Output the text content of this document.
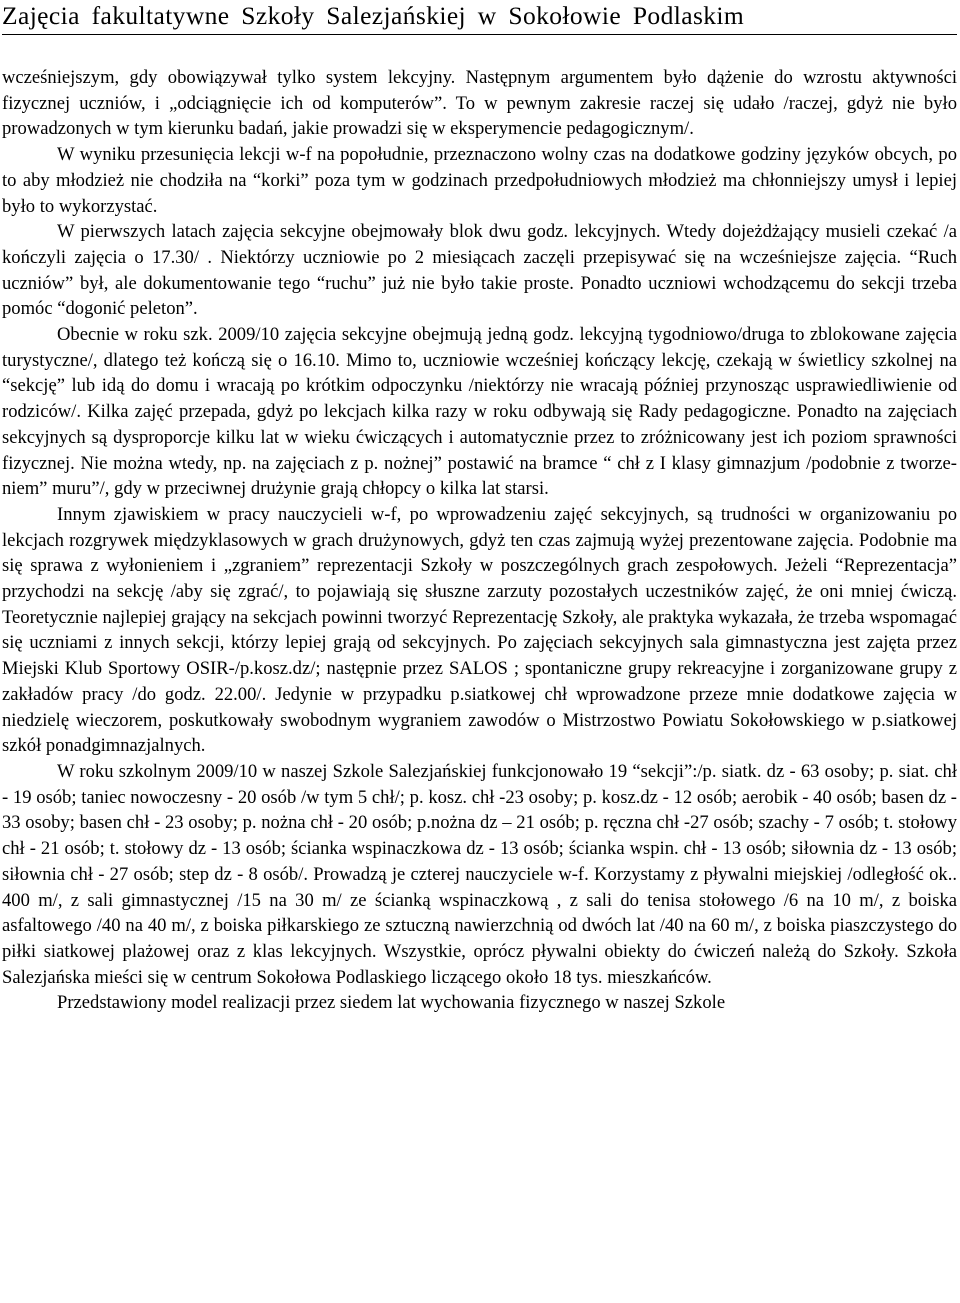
Zajęcia fakultatywne Szkoły Salezjańskiej w Sokołowie Podlaskim

wcześniejszym, gdy obowiązywał tylko system lekcyjny. Następnym argumentem było dążenie do wzrostu aktywności fizycznej uczniów, i „odciągnięcie ich od komputerów”. To w pewnym zakresie raczej się udało /raczej, gdyż nie było prowadzonych w tym kierunku badań, jakie prowadzi się w eksperymencie pedagogicznym/.

W wyniku przesunięcia lekcji w-f na popołudnie, przeznaczono wolny czas na dodatkowe godziny języków obcych, po to aby młodzież nie chodziła na “korki” poza tym w godzinach przedpołudniowych młodzież ma chłonniejszy umysł i lepiej było to wykorzystać.

W pierwszych latach zajęcia sekcyjne obejmowały blok dwu godz. lekcyjnych. Wtedy dojeżdżający musieli czekać /a kończyli zajęcia o 17.30/ . Niektórzy uczniowie po 2 miesiącach zaczęli przepisywać się na wcześniejsze zajęcia. “Ruch uczniów” był, ale dokumentowanie tego “ruchu” już nie było takie proste. Ponadto uczniowi wchodzącemu do sekcji trzeba pomóc “dogonić peleton”.

Obecnie w roku szk. 2009/10 zajęcia sekcyjne obejmują jedną godz. lekcyjną tygodniowo/druga to zblokowane zajęcia turystyczne/, dlatego też kończą się o 16.10. Mimo to, uczniowie wcześniej kończący lekcję, czekają w świetlicy szkolnej na “sekcję” lub idą do domu i wracają po krótkim odpoczynku /niektórzy nie wracają później przynosząc usprawiedliwienie od rodziców/. Kilka zajęć przepada, gdyż po lekcjach kilka razy w roku odbywają się Rady pedagogiczne. Ponadto na zajęciach sekcyjnych są dysproporcje kilku lat w wieku ćwiczących i automatycznie przez to zróżnicowany jest ich poziom sprawności fizycznej. Nie można wtedy, np. na zajęciach z p. nożnej” postawić na bramce “ chł z I klasy gimnazjum /podobnie z tworze-niem” muru”/, gdy w przeciwnej drużynie grają chłopcy o kilka lat starsi.

Innym zjawiskiem w pracy nauczycieli w-f, po wprowadzeniu zajęć sekcyjnych, są trudności w organizowaniu po lekcjach rozgrywek międzyklasowych w grach drużynowych, gdyż ten czas zajmują wyżej prezentowane zajęcia. Podobnie ma się sprawa z wyłonieniem i „zgraniem” reprezentacji Szkoły w poszczególnych grach zespołowych. Jeżeli “Reprezentacja” przychodzi na sekcję /aby się zgrać/, to pojawiają się słuszne zarzuty pozostałych uczestników zajęć, że oni mniej ćwiczą. Teoretycznie najlepiej grający na sekcjach powinni tworzyć Reprezentację Szkoły, ale praktyka wykazała, że trzeba wspomagać się uczniami z innych sekcji, którzy lepiej grają od sekcyjnych. Po zajęciach sekcyjnych sala gimnastyczna jest zajęta przez Miejski Klub Sportowy OSIR-/p.kosz.dz/; następnie przez SALOS ; spontaniczne grupy rekreacyjne i zorganizowane grupy z zakładów pracy /do godz. 22.00/. Jedynie w przypadku p.siatkowej chł wprowadzone przeze mnie dodatkowe zajęcia w niedzielę wieczorem, poskutkowały swobodnym wygraniem zawodów o Mistrzostwo Powiatu Sokołowskiego w p.siatkowej szkół ponadgimnazjalnych.

W roku szkolnym 2009/10 w naszej Szkole Salezjańskiej funkcjonowało 19 “sekcji”:/p. siatk. dz - 63 osoby; p. siat. chł - 19 osób; taniec nowoczesny - 20 osób /w tym 5 chł/; p. kosz. chł -23 osoby; p. kosz.dz - 12 osób; aerobik - 40 osób; basen dz - 33 osoby; basen chł - 23 osoby; p. nożna chł - 20 osób; p.nożna dz – 21 osób; p. ręczna chł -27 osób; szachy - 7 osób; t. stołowy chł - 21 osób; t. stołowy dz - 13 osób; ścianka wspinaczkowa dz - 13 osób; ścianka wspin. chł - 13 osób; siłownia dz - 13 osób; siłownia chł - 27 osób; step dz - 8 osób/. Prowadzą je czterej nauczyciele w-f. Korzystamy z pływalni miejskiej /odległość ok.. 400 m/, z sali gimnastycznej /15 na 30 m/ ze ścianką wspinaczkową , z sali do tenisa stołowego /6 na 10 m/, z boiska asfaltowego /40 na 40 m/, z boiska piłkarskiego ze sztuczną nawierzchnią od dwóch lat /40 na 60 m/, z boiska piaszczystego do piłki siatkowej plażowej oraz z klas lekcyjnych. Wszystkie, oprócz pływalni obiekty do ćwiczeń należą do Szkoły. Szkoła Salezjańska mieści się w centrum Sokołowa Podlaskiego liczącego około 18 tys. mieszkańców.

Przedstawiony model realizacji przez siedem lat wychowania fizycznego w naszej Szkole
